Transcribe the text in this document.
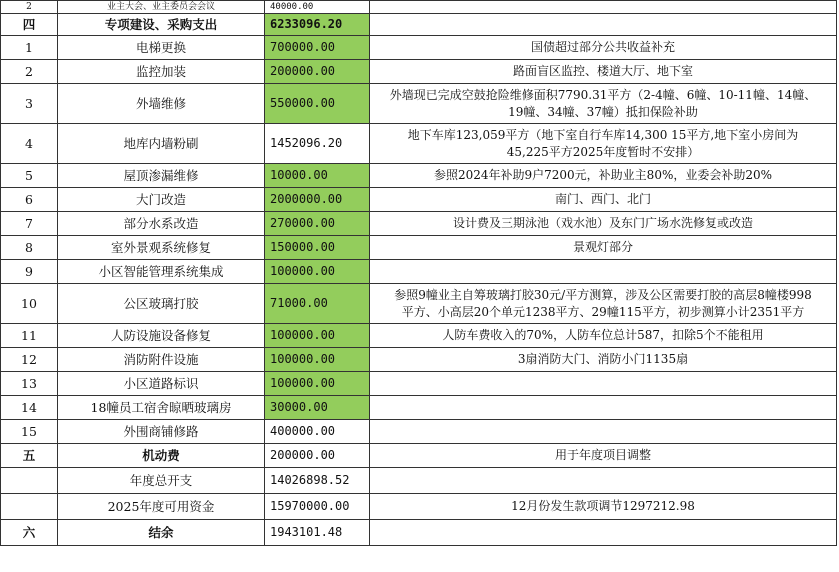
2	业主大会、业主委员会会议	40000.00	
四	专项建设、采购支出	6233096.20	
1	电梯更换	700000.00	国债超过部分公共收益补充
2	监控加装	200000.00	路面盲区监控、楼道大厅、地下室
3	外墙维修	550000.00	外墙现已完成空鼓抢险维修面积7790.31平方（2-4幢、6幢、10-11幢、14幢、
19幢、34幢、37幢）抵扣保险补助

4	地库内墙粉刷	1452096.20	地下车库123,059平方（地下室自行车库14,300 15平方,地下室小房间为
45,225平方2025年度暂时不安排）

5	屋顶渗漏维修	10000.00	参照2024年补助9户7200元，补助业主80%，业委会补助20%
6	大门改造	2000000.00	南门、西门、北门
7	部分水系改造	270000.00	设计费及三期泳池（戏水池）及东门广场水洗修复或改造
8	室外景观系统修复	150000.00	景观灯部分
9	小区智能管理系统集成	100000.00	
10	公区玻璃打胶	71000.00	参照9幢业主自筹玻璃打胶30元/平方测算，涉及公区需要打胶的高层8幢楼998
平方、小高层20个单元1238平方、29幢115平方，初步测算小计2351平方

11	人防设施设备修复	100000.00	人防车费收入的70%，人防车位总计587，扣除5个不能租用
12	消防附件设施	100000.00	3扇消防大门、消防小门1135扇
13	小区道路标识	100000.00	
14	18幢员工宿舍晾晒玻璃房	30000.00	
15	外围商铺修路	400000.00	
五	机动费	200000.00	用于年度项目调整
	年度总开支	14026898.52	
	2025年度可用资金	15970000.00	12月份发生款项调节1297212.98
六	结余	1943101.48	
